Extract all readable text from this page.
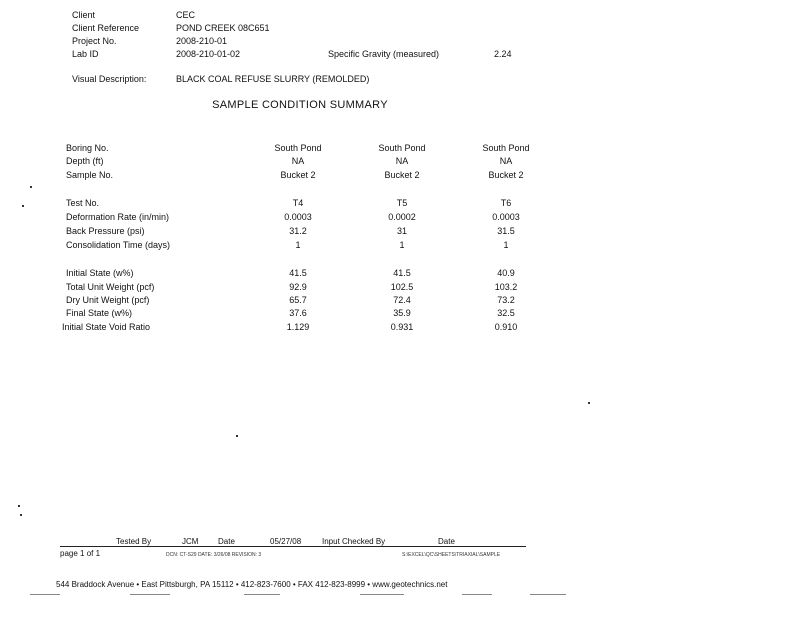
Client	CEC
Client Reference	POND CREEK 08C651
Project No.	2008-210-01
Lab ID	2008-210-01-02	Specific Gravity (measured)	2.24
Visual Description:	BLACK COAL REFUSE SLURRY (REMOLDED)
SAMPLE CONDITION SUMMARY
Boring No.	South Pond	South Pond	South Pond
Depth (ft)	NA	NA	NA
Sample No.	Bucket 2	Bucket 2	Bucket 2
Test No.	T4	T5	T6
Deformation Rate (in/min)	0.0003	0.0002	0.0003
Back Pressure (psi)	31.2	31	31.5
Consolidation Time (days)	1	1	1
Initial State (w%)	41.5	41.5	40.9
Total Unit Weight (pcf)	92.9	102.5	103.2
Dry Unit Weight (pcf)	65.7	72.4	73.2
Final State (w%)	37.6	35.9	32.5
Initial State Void Ratio	1.129	0.931	0.910
Tested By	JCM Date	05/27/08	Input Checked By	Date
page 1 of 1	DCN: CT-S29 DATE: 3/26/08 REVISION: 3	S:\EXCEL\QC\SHEETS\TRIAXIAL\SAMPLE
544 Braddock Avenue • East Pittsburgh, PA 15112 • 412-823-7600 • FAX 412-823-8999 • www.geotechnics.net
